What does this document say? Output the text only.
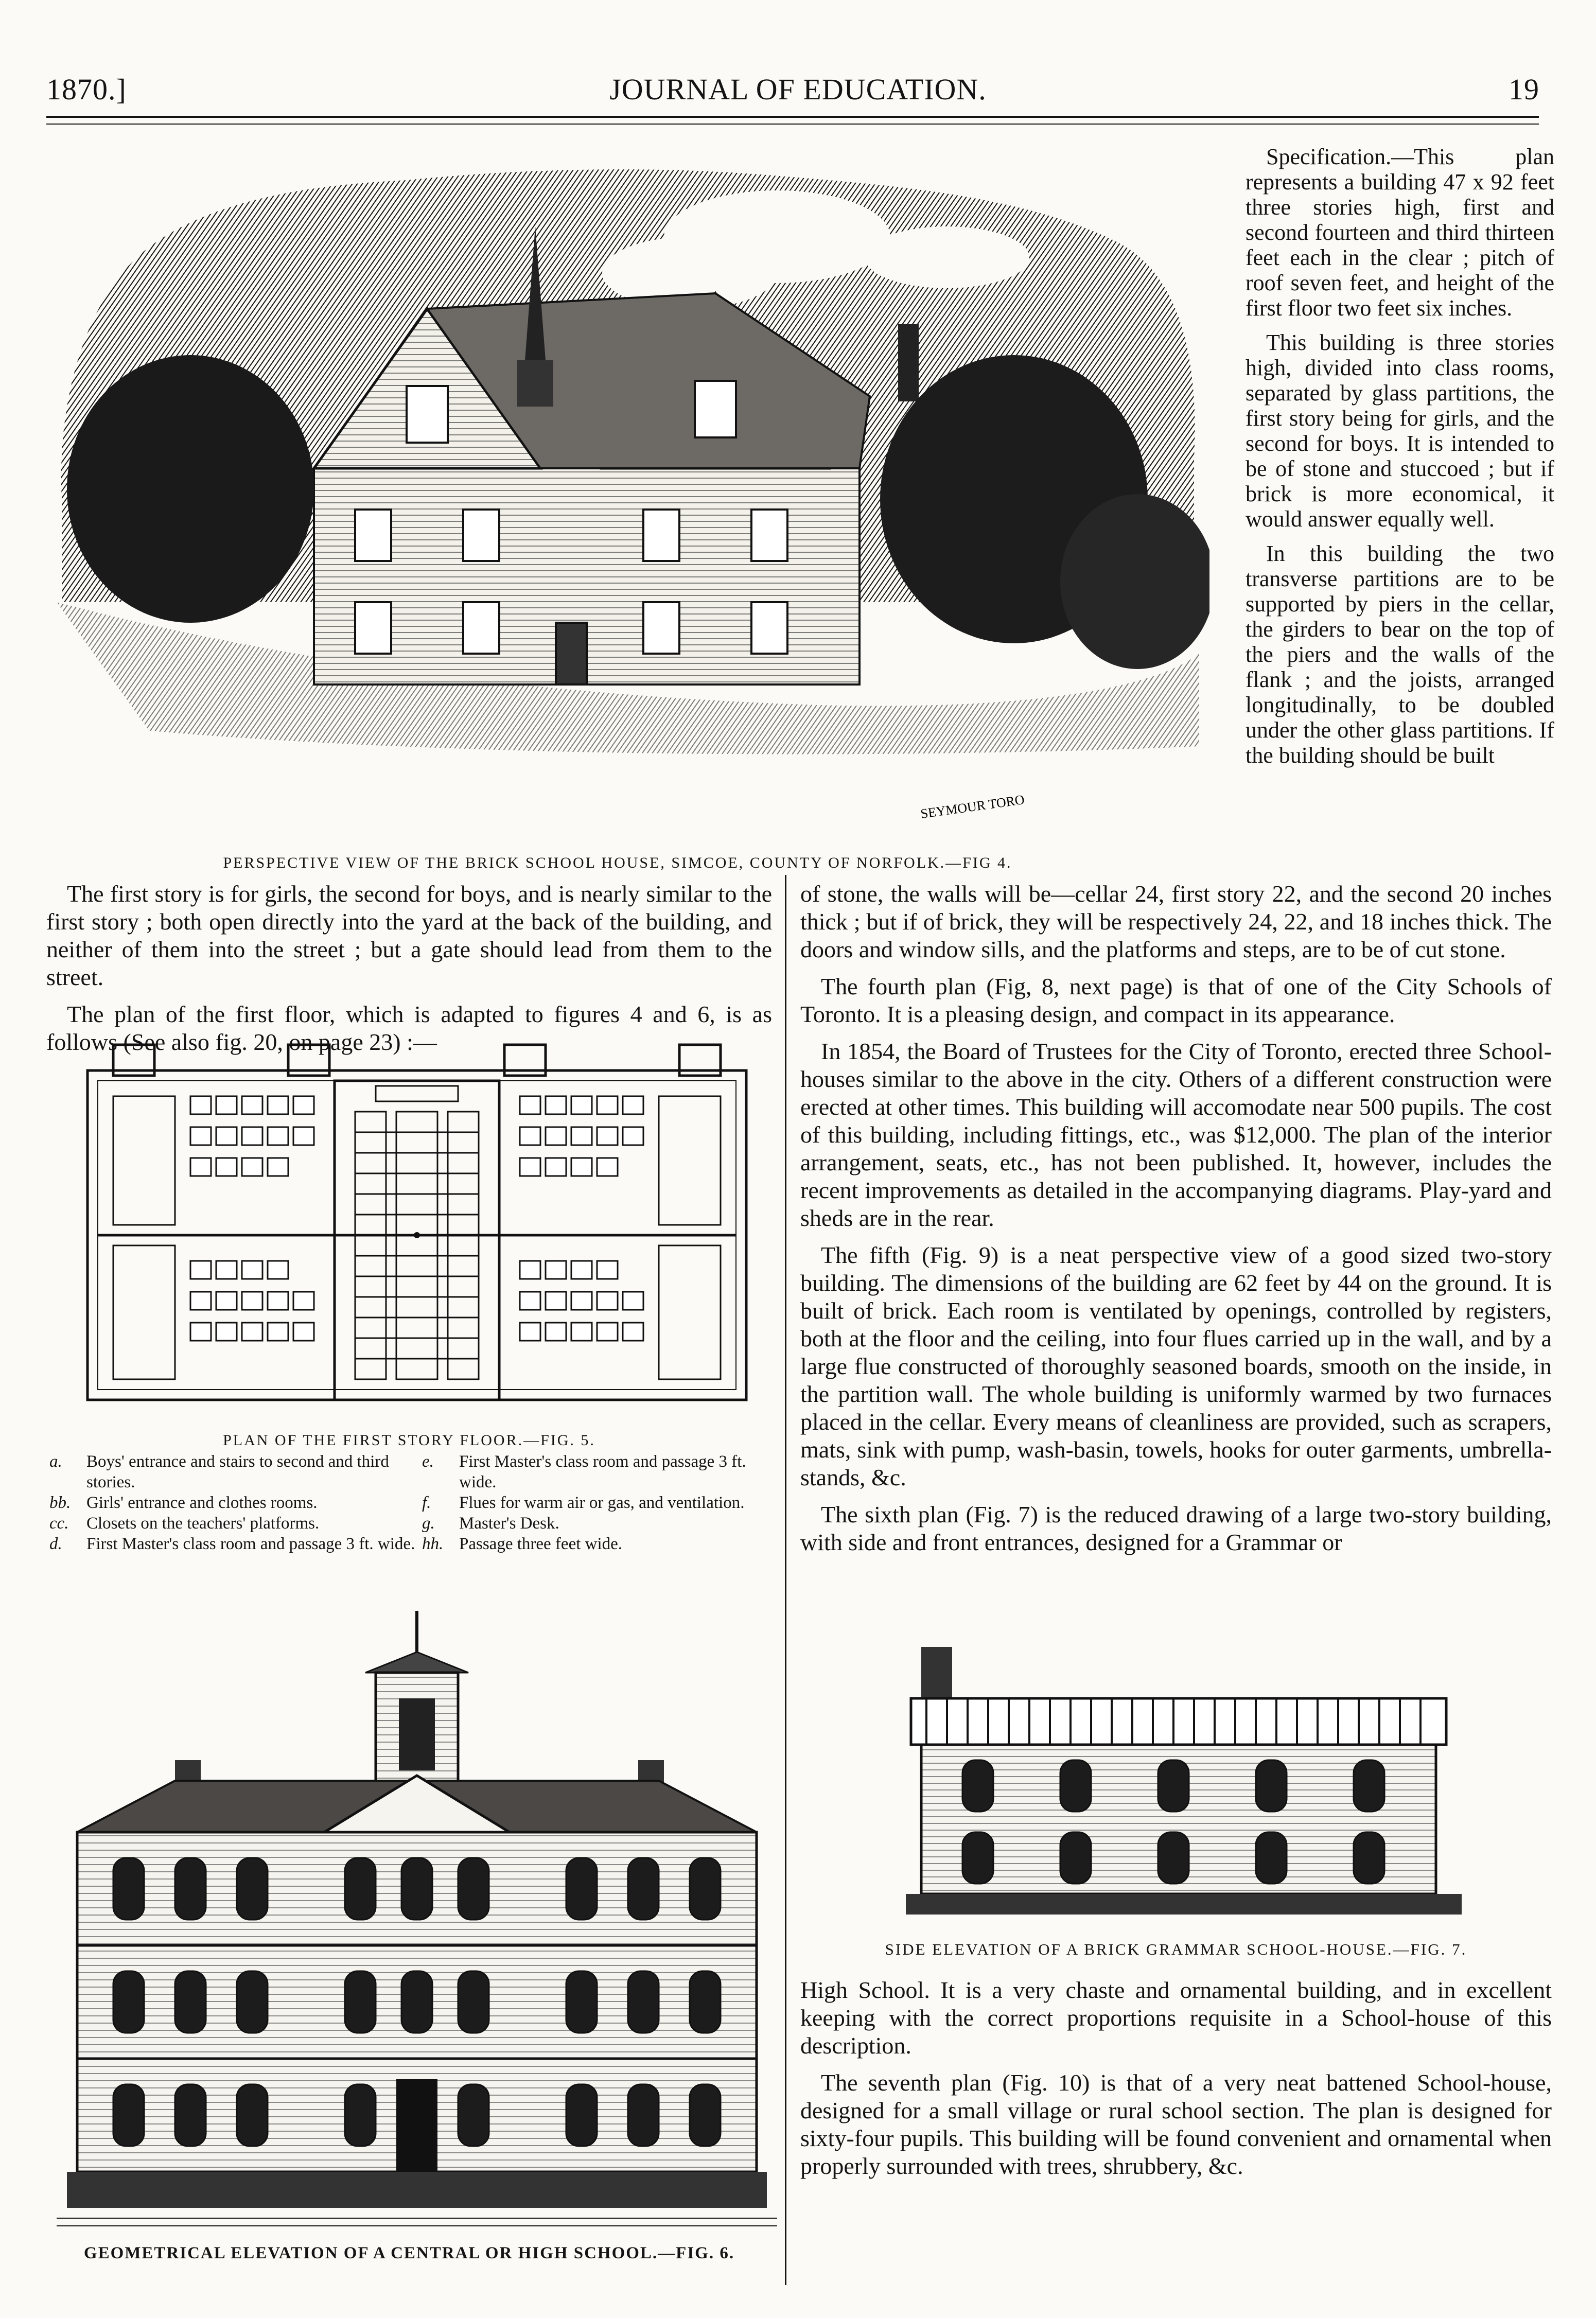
1870.]	JOURNAL OF EDUCATION.	19
SEYMOUR TORO
PERSPECTIVE VIEW OF THE BRICK SCHOOL HOUSE, SIMCOE, COUNTY OF NORFOLK.—FIG 4.

Specification.—This plan represents a building 47 x 92 feet three stories high, first and second fourteen and third thirteen feet each in the clear ; pitch of roof seven feet, and height of the first floor two feet six inches.

This building is three stories high, divided into class rooms, separated by glass partitions, the first story being for girls, and the second for boys. It is intended to be of stone and stuccoed ; but if brick is more economical, it would answer equally well.

In this building the two transverse partitions are to be supported by piers in the cellar, the girders to bear on the top of the piers and the walls of the flank ; and the joists, arranged longitudinally, to be doubled under the other glass partitions. If the building should be built

The first story is for girls, the second for boys, and is nearly similar to the first story ; both open directly into the yard at the back of the building, and neither of them into the street ; but a gate should lead from them to the street.

The plan of the first floor, which is adapted to figures 4 and 6, is as follows (See also fig. 20, on page 23) :—

PLAN OF THE FIRST STORY FLOOR.—FIG. 5.
a.	Boys' entrance and stairs to second and third stories.	e.	First Master's class room and passage 3 ft. wide.
bb.	Girls' entrance and clothes rooms.	f.	Flues for warm air or gas, and ventilation.
cc.	Closets on the teachers' platforms.	g.	Master's Desk.
d.	First Master's class room and passage 3 ft. wide.	hh.	Passage three feet wide.
GEOMETRICAL ELEVATION OF A CENTRAL OR HIGH SCHOOL.—FIG. 6.

of stone, the walls will be—cellar 24, first story 22, and the second 20 inches thick ; but if of brick, they will be respectively 24, 22, and 18 inches thick. The doors and window sills, and the platforms and steps, are to be of cut stone.

The fourth plan (Fig, 8, next page) is that of one of the City Schools of Toronto. It is a pleasing design, and compact in its appearance.

In 1854, the Board of Trustees for the City of Toronto, erected three School-houses similar to the above in the city. Others of a different construction were erected at other times. This building will accomodate near 500 pupils. The cost of this building, including fittings, etc., was $12,000. The plan of the interior arrangement, seats, etc., has not been published. It, however, includes the recent improvements as detailed in the accompanying diagrams. Play-yard and sheds are in the rear.

The fifth (Fig. 9) is a neat perspective view of a good sized two-story building. The dimensions of the building are 62 feet by 44 on the ground. It is built of brick. Each room is ventilated by openings, controlled by registers, both at the floor and the ceiling, into four flues carried up in the wall, and by a large flue constructed of thoroughly seasoned boards, smooth on the inside, in the partition wall. The whole building is uniformly warmed by two furnaces placed in the cellar. Every means of cleanliness are provided, such as scrapers, mats, sink with pump, wash-basin, towels, hooks for outer garments, umbrella-stands, &c.

The sixth plan (Fig. 7) is the reduced drawing of a large two-story building, with side and front entrances, designed for a Grammar or

SIDE ELEVATION OF A BRICK GRAMMAR SCHOOL-HOUSE.—FIG. 7.

High School. It is a very chaste and ornamental building, and in excellent keeping with the correct proportions requisite in a School-house of this description.

The seventh plan (Fig. 10) is that of a very neat battened School-house, designed for a small village or rural school section. The plan is designed for sixty-four pupils. This building will be found convenient and ornamental when properly surrounded with trees, shrubbery, &c.
